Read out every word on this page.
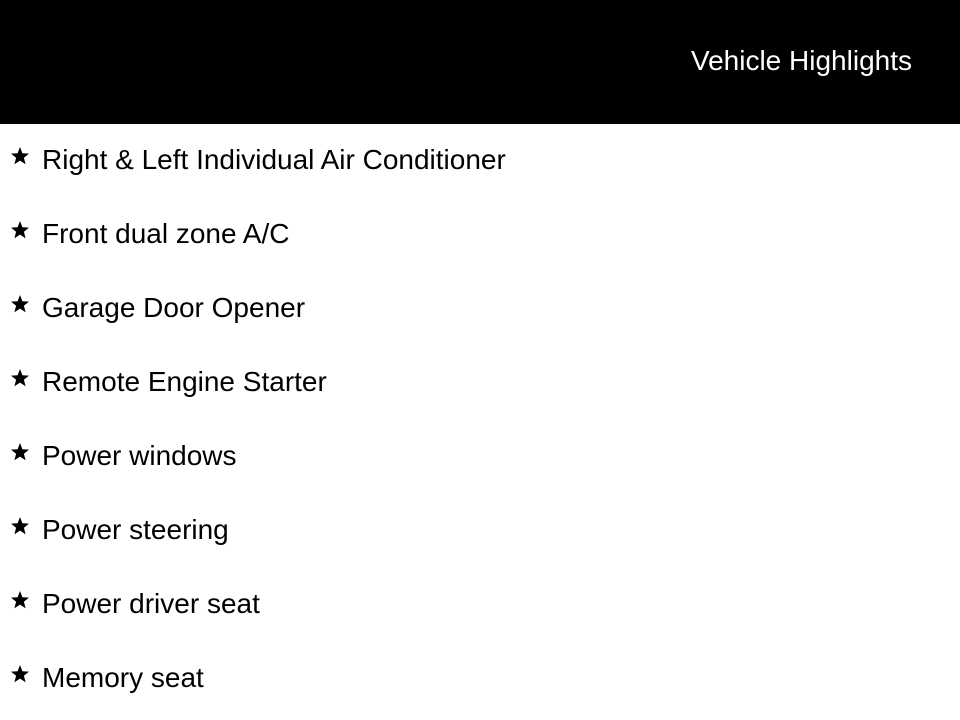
Vehicle Highlights
Right & Left Individual Air Conditioner
Front dual zone A/C
Garage Door Opener
Remote Engine Starter
Power windows
Power steering
Power driver seat
Memory seat
